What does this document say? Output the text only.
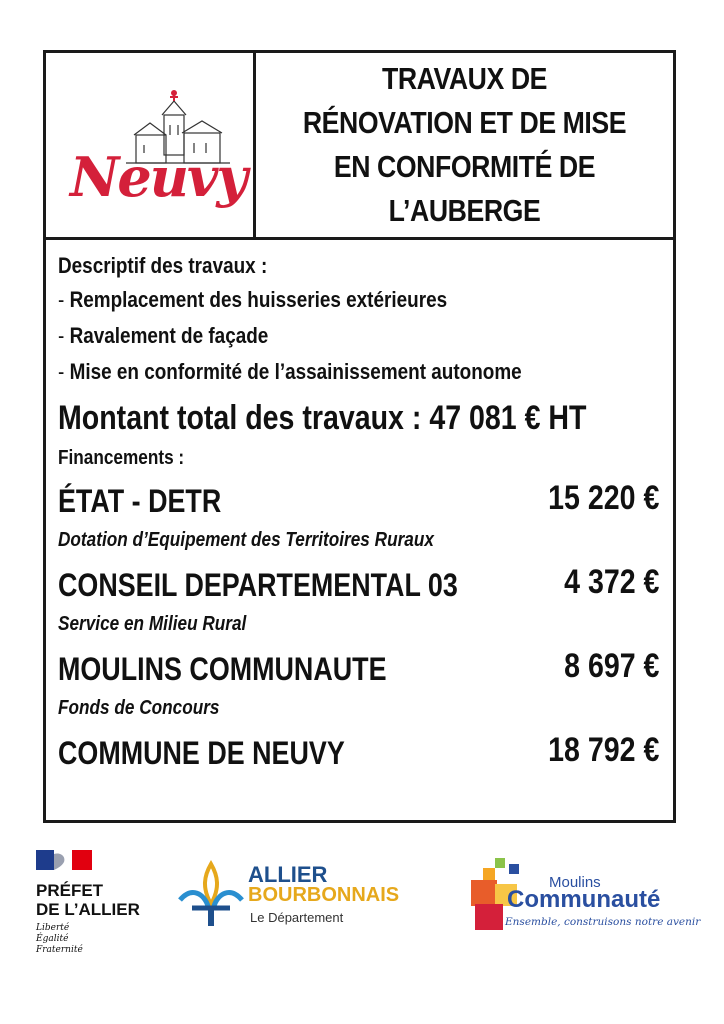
Neuvy
TRAVAUX DE
RÉNOVATION ET DE MISE
EN CONFORMITÉ DE
L’AUBERGE
Descriptif des travaux :
- Remplacement des huisseries extérieures
- Ravalement de façade
- Mise en conformité de l’assainissement autonome
Montant total des travaux : 47 081 € HT
Financements :
ÉTAT - DETR	15 220 €
Dotation d’Equipement des Territoires Ruraux
CONSEIL DEPARTEMENTAL 03	4 372 €
Service en Milieu Rural
MOULINS COMMUNAUTE	8 697 €
Fonds de Concours
COMMUNE DE NEUVY	18 792 €
PRÉFET
DE L’ALLIER
Liberté
Égalité
Fraternité
ALLIER
BOURBONNAIS
Le Département
Moulins
Communauté
Ensemble, construisons notre avenir
